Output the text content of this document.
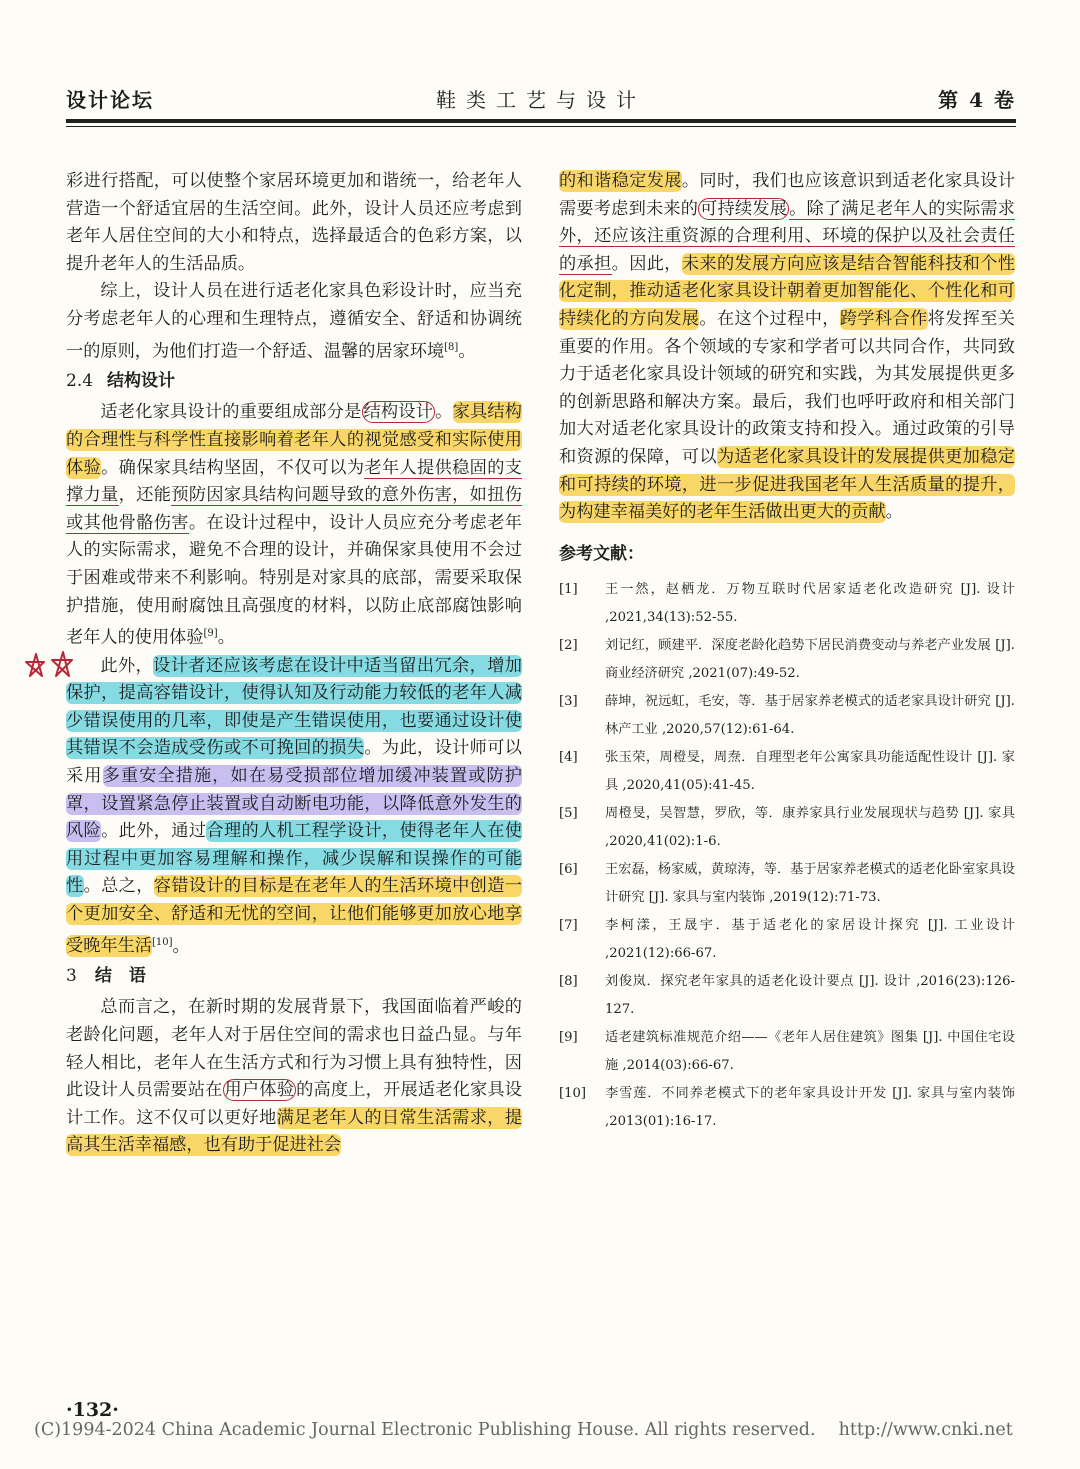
设计论坛	鞋类工艺与设计	第 4 卷

彩进行搭配，可以使整个家居环境更加和谐统一，给老年人营造一个舒适宜居的生活空间。此外，设计人员还应考虑到老年人居住空间的大小和特点，选择最适合的色彩方案，以提升老年人的生活品质。

综上，设计人员在进行适老化家具色彩设计时，应当充分考虑老年人的心理和生理特点，遵循安全、舒适和协调统一的原则，为他们打造一个舒适、温馨的居家环境[8]。

2.4 结构设计

适老化家具设计的重要组成部分是 结构设计 。家具结构的合理性与科学性直接影响着老年人的视觉感受和实际使用体验。确保家具结构坚固，不仅可以为老年人提供稳固的支撑力量，还能预防因家具结构问题导致的意外伤害，如扭伤或其他骨骼伤害。在设计过程中，设计人员应充分考虑老年人的实际需求，避免不合理的设计，并确保家具使用不会过于困难或带来不利影响。特别是对家具的底部，需要采取保护措施，使用耐腐蚀且高强度的材料，以防止底部腐蚀影响老年人的使用体验[9]。

此外，设计者还应该考虑在设计中适当留出冗余，增加保护，提高容错设计，使得认知及行动能力较低的老年人减少错误使用的几率，即使是产生错误使用，也要通过设计使其错误不会造成受伤或不可挽回的损失。为此，设计师可以采用多重安全措施，如在易受损部位增加缓冲装置或防护罩，设置紧急停止装置或自动断电功能，以降低意外发生的风险。此外，通过合理的人机工程学设计，使得老年人在使用过程中更加容易理解和操作，减少误解和误操作的可能性。总之，容错设计的目标是在老年人的生活环境中创造一个更加安全、舒适和无忧的空间，让他们能够更加放心地享受晚年生活[10]。

3 结　语

总而言之，在新时期的发展背景下，我国面临着严峻的老龄化问题，老年人对于居住空间的需求也日益凸显。与年轻人相比，老年人在生活方式和行为习惯上具有独特性，因此设计人员需要站在 用户体验 的高度上，开展适老化家具设计工作。这不仅可以更好地满足老年人的日常生活需求，提高其生活幸福感，也有助于促进社会

的和谐稳定发展。同时，我们也应该意识到适老化家具设计需要考虑到未来的 可持续发展 。除了满足老年人的实际需求外，还应该注重资源的合理利用、环境的保护以及社会责任的承担。因此，未来的发展方向应该是结合智能科技和个性化定制，推动适老化家具设计朝着更加智能化、个性化和可持续化的方向发展。在这个过程中，跨学科合作将发挥至关重要的作用。各个领域的专家和学者可以共同合作，共同致力于适老化家具设计领域的研究和实践，为其发展提供更多的创新思路和解决方案。最后，我们也呼吁政府和相关部门加大对适老化家具设计的政策支持和投入。通过政策的引导和资源的保障，可以为适老化家具设计的发展提供更加稳定和可持续的环境，进一步促进我国老年人生活质量的提升，为构建幸福美好的老年生活做出更大的贡献。

参考文献：
[1] 王一然，赵栖龙．万物互联时代居家适老化改造研究 [J]. 设计 ,2021,34(13):52-55.
[2] 刘记红，顾建平．深度老龄化趋势下居民消费变动与养老产业发展 [J]. 商业经济研究 ,2021(07):49-52.
[3] 薛坤，祝远虹，毛安，等．基于居家养老模式的适老家具设计研究 [J]. 林产工业 ,2020,57(12):61-64.
[4] 张玉荣，周橙旻，周焘．自理型老年公寓家具功能适配性设计 [J]. 家具 ,2020,41(05):41-45.
[5] 周橙旻，吴智慧，罗欣，等．康养家具行业发展现状与趋势 [J]. 家具 ,2020,41(02):1-6.
[6] 王宏磊，杨家威，黄琼涛，等．基于居家养老模式的适老化卧室家具设计研究 [J]. 家具与室内装饰 ,2019(12):71-73.
[7] 李柯漾，王晟宇．基于适老化的家居设计探究 [J]. 工业设计 ,2021(12):66-67.
[8] 刘俊岚．探究老年家具的适老化设计要点 [J]. 设计 ,2016(23):126-127.
[9] 适老建筑标准规范介绍——《老年人居住建筑》图集 [J]. 中国住宅设施 ,2014(03):66-67.
[10] 李雪莲．不同养老模式下的老年家具设计开发 [J]. 家具与室内装饰 ,2013(01):16-17.
·132·
(C)1994-2024 China Academic Journal Electronic Publishing House. All rights reserved.　 http://www.cnki.net
